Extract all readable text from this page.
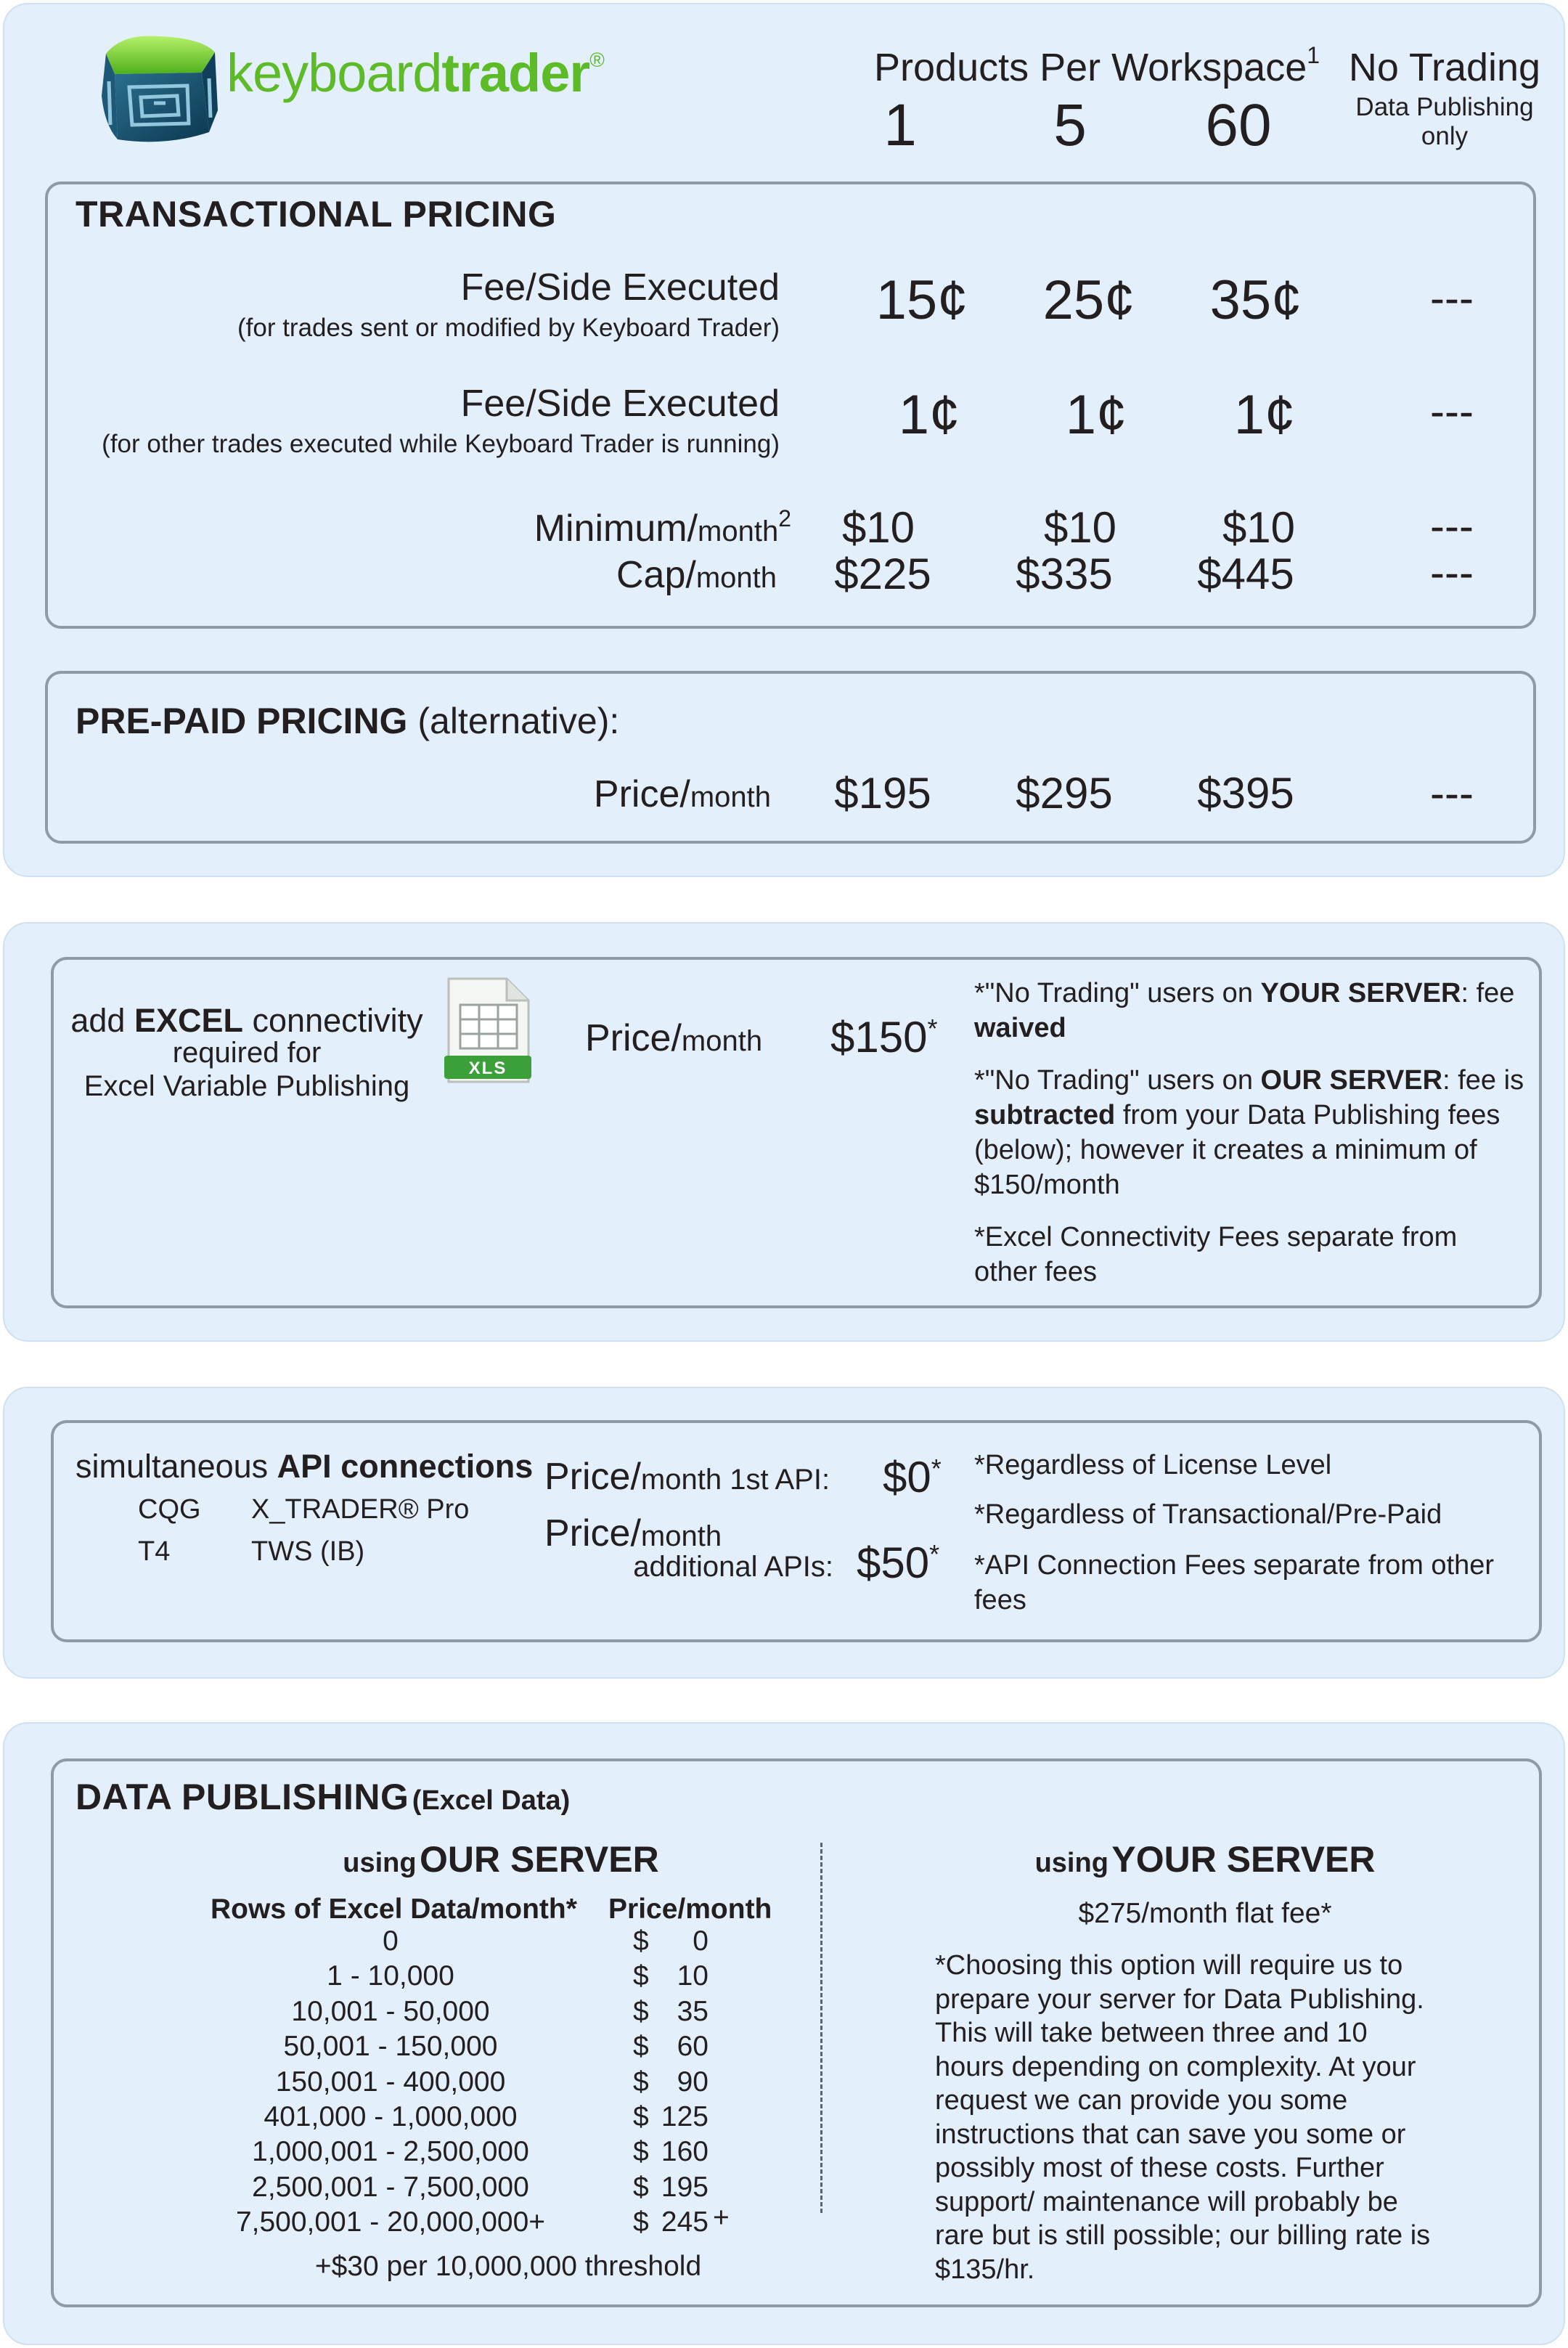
keyboardtrader®	Products Per Workspace$^1$
1	5	60
No Trading
Data Publishing
only
TRANSACTIONAL PRICING
Fee/Side Executed
(for trades sent or modified by Keyboard Trader)	15¢	25¢	35¢	---
Fee/Side Executed
(for other trades executed while Keyboard Trader is running)	1¢	1¢	1¢	---
Minimum/month$^2$	$10	$10	$10	---
Cap/month	$225	$335	$445	---
PRE-PAID PRICING (alternative):
Price/month	$195	$295	$395	---
add EXCEL connectivity
required for
Excel Variable Publishing
XLS
Price/month $150*
*"No Trading" users on YOUR SERVER: fee waived
*"No Trading" users on OUR SERVER: fee is subtracted from your Data Publishing fees (below); however it creates a minimum of $150/month
*Excel Connectivity Fees separate from other fees
simultaneous API connections
CQG X_TRADER® Pro
T4	TWS (IB)
Price/month 1st API: $0*
Price/month
additional APIs: $50*
*Regardless of License Level
*Regardless of Transactional/Pre-Paid
*API Connection Fees separate from other fees
DATA PUBLISHING (Excel Data)
using OUR SERVER
Rows of Excel Data/month* Price/month
0	$	0
1 - 10,000	$ 10
10,001 - 50,000	$ 35
50,001 - 150,000	$ 60
150,001 - 400,000	$ 90
401,000 - 1,000,000	$ 125
1,000,001 - 2,500,000	$ 160
2,500,001 - 7,500,000	$ 195
7,500,001 - 20,000,000+	$ 245 +
+$30 per 10,000,000 threshold
using YOUR SERVER
$275/month flat fee*
*Choosing this option will require us to prepare your server for Data Publishing. This will take between three and 10 hours depending on complexity. At your request we can provide you some instructions that can save you some or possibly most of these costs. Further support/ maintenance will probably be rare but is still possible; our billing rate is $135/hr.
